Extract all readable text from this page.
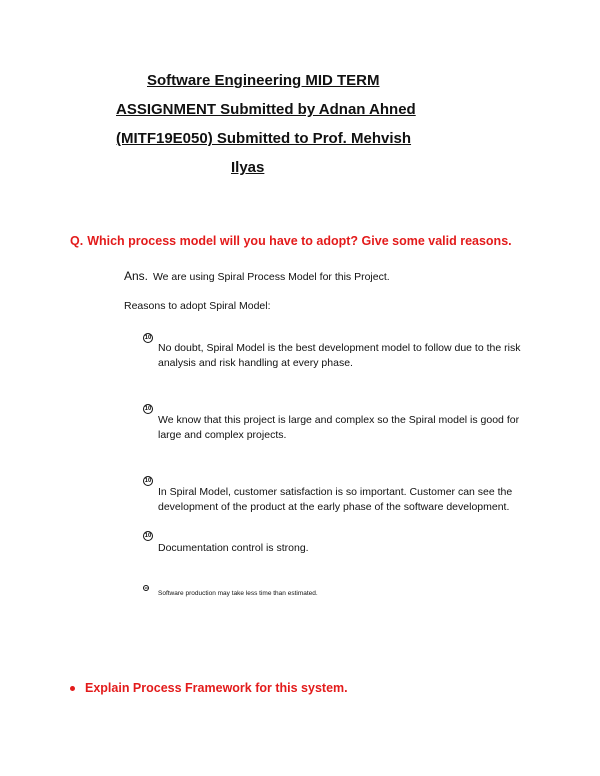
Software Engineering MID TERM
ASSIGNMENT Submitted by Adnan Ahned
(MITF19E050) Submitted to Prof. Mehvish
Ilyas
Q. Which process model will you have to adopt? Give some valid reasons.
Ans. We are using Spiral Process Model for this Project.
Reasons to adopt Spiral Model:
10
No doubt, Spiral Model is the best development model to follow due to the risk analysis and risk handling at every phase.
10
We know that this project is large and complex so the Spiral model is good for large and complex projects.
10
In Spiral Model, customer satisfaction is so important. Customer can see the development of the product at the early phase of the software development.
10
Documentation control is strong.
10
Software production may take less time than estimated.
Explain Process Framework for this system.
